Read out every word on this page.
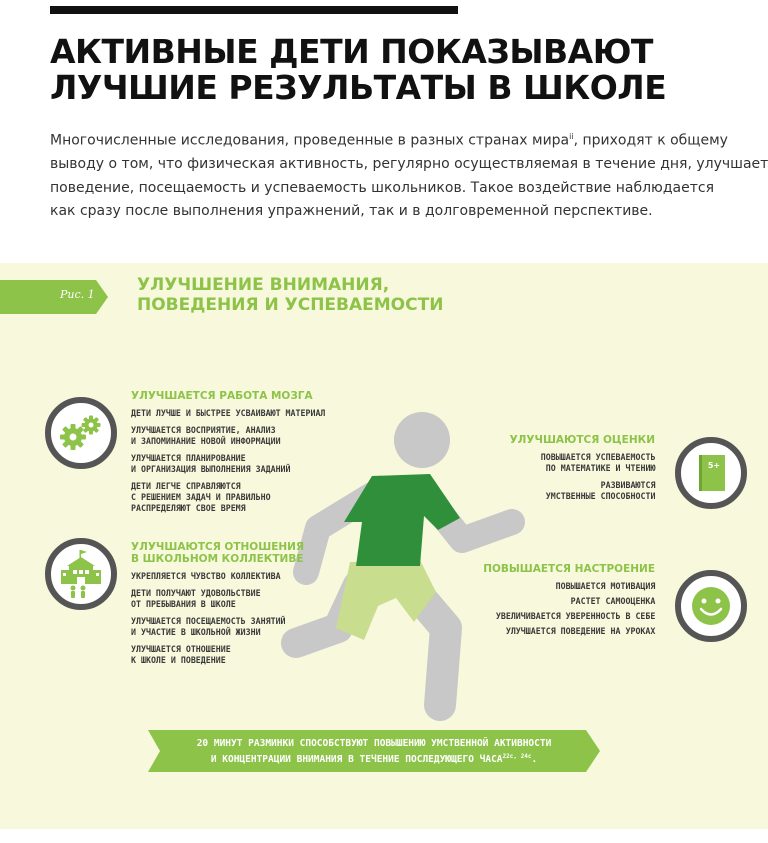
АКТИВНЫЕ ДЕТИ ПОКАЗЫВАЮТ
ЛУЧШИЕ РЕЗУЛЬТАТЫ В ШКОЛЕ

Многочисленные исследования, проведенные в разных странах мира$^{ii}$, приходят к общему
выводу о том, что физическая активность, регулярно осуществляемая в течение дня, улучшает
поведение, посещаемость и успеваемость школьников. Такое воздействие наблюдается
как сразу после выполнения упражнений, так и в долговременной перспективе.

Рис. 1 УЛУЧШЕНИЕ ВНИМАНИЯ,
ПОВЕДЕНИЯ И УСПЕВАЕМОСТИ
5+
УЛУЧШАЕТСЯ РАБОТА МОЗГА
ДЕТИ ЛУЧШЕ И БЫСТРЕЕ УСВАИВАЮТ МАТЕРИАЛ
УЛУЧШАЕТСЯ ВОСПРИЯТИЕ, АНАЛИЗ
И ЗАПОМИНАНИЕ НОВОЙ ИНФОРМАЦИИ
УЛУЧШАЕТСЯ ПЛАНИРОВАНИЕ
И ОРГАНИЗАЦИЯ ВЫПОЛНЕНИЯ ЗАДАНИЙ
ДЕТИ ЛЕГЧЕ СПРАВЛЯЮТСЯ
С РЕШЕНИЕМ ЗАДАЧ И ПРАВИЛЬНО
РАСПРЕДЕЛЯЮТ СВОЕ ВРЕМЯ
УЛУЧШАЮТСЯ ОТНОШЕНИЯ
В ШКОЛЬНОМ КОЛЛЕКТИВЕ
УКРЕПЛЯЕТСЯ ЧУВСТВО КОЛЛЕКТИВА
ДЕТИ ПОЛУЧАЮТ УДОВОЛЬСТВИЕ
ОТ ПРЕБЫВАНИЯ В ШКОЛЕ
УЛУЧШАЕТСЯ ПОСЕЩАЕМОСТЬ ЗАНЯТИЙ
И УЧАСТИЕ В ШКОЛЬНОЙ ЖИЗНИ
УЛУЧШАЕТСЯ ОТНОШЕНИЕ
К ШКОЛЕ И ПОВЕДЕНИЕ
УЛУЧШАЮТСЯ ОЦЕНКИ
ПОВЫШАЕТСЯ УСПЕВАЕМОСТЬ
ПО МАТЕМАТИКЕ И ЧТЕНИЮ
РАЗВИВАЮТСЯ
УМСТВЕННЫЕ СПОСОБНОСТИ
ПОВЫШАЕТСЯ НАСТРОЕНИЕ
ПОВЫШАЕТСЯ МОТИВАЦИЯ
РАСТЕТ САМООЦЕНКА
УВЕЛИЧИВАЕТСЯ УВЕРЕННОСТЬ В СЕБЕ
УЛУЧШАЕТСЯ ПОВЕДЕНИЕ НА УРОКАХ
20 МИНУТ РАЗМИНКИ СПОСОБСТВУЮТ ПОВЫШЕНИЮ УМСТВЕННОЙ АКТИВНОСТИ
И КОНЦЕНТРАЦИИ ВНИМАНИЯ В ТЕЧЕНИЕ ПОСЛЕДУЮЩЕГО $ЧАСА^{22c, 24c}$.
